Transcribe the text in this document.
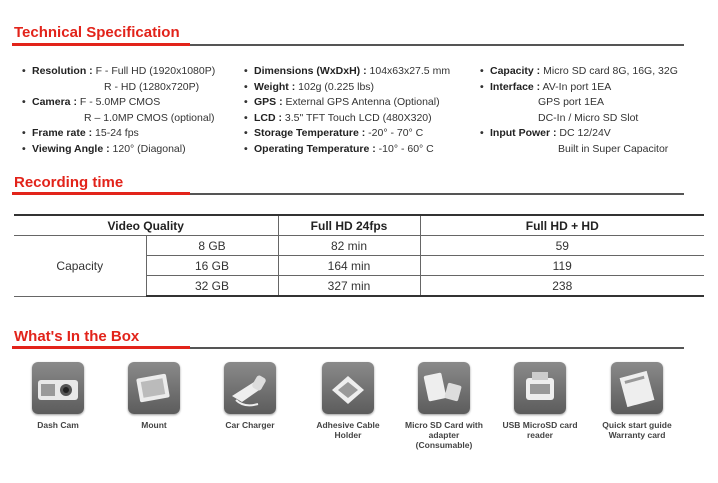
Technical Specification
• Resolution : F - Full HD (1920x1080P)
R - HD (1280x720P)
• Camera : F - 5.0MP CMOS
R – 1.0MP CMOS (optional)
• Frame rate : 15-24 fps
• Viewing Angle : 120° (Diagonal)
• Dimensions (WxDxH) : 104x63x27.5 mm
• Weight : 102g (0.225 lbs)
• GPS : External GPS Antenna (Optional)
• LCD : 3.5" TFT Touch LCD (480X320)
• Storage Temperature : -20° - 70° C
• Operating Temperature : -10° - 60° C
• Capacity : Micro SD card 8G, 16G, 32G
• Interface : AV-In port 1EA
GPS port 1EA
DC-In / Micro SD Slot
• Input Power : DC 12/24V
Built in Super Capacitor
Recording time
Video Quality		Full HD 24fps	Full HD + HD
Capacity	8 GB	82 min	59
	16 GB	164 min	119
	32 GB	327 min	238
What's In the Box
Dash Cam	Mount	Car Charger	Adhesive Cable Holder
Micro SD Card with adapter (Consumable)
USB MicroSD card reader
Quick start guide Warranty card
